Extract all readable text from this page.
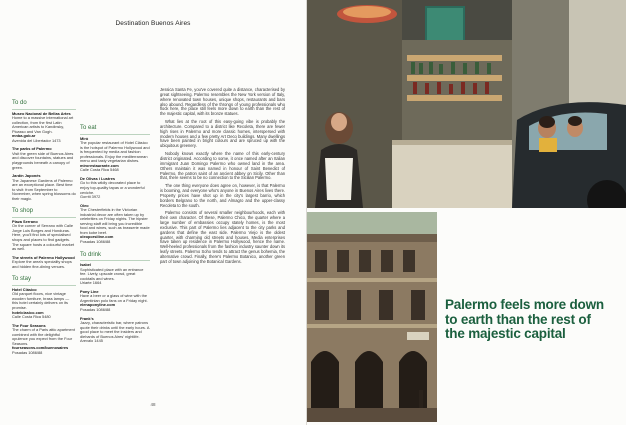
Destination Buenos Aires
To do
Museo Nacional de Bellas Artes

Home to a massive international art collection, from the first Latin American artists to Kandinsky, Picasso and Van Gogh.
mnba.gob.ar
Avenida del Libertador 1473
The parks of Palermo

Visit the green side of Buenos Aires and discover fountains, statues and playgrounds beneath a canopy of green.
Jardín Japonés

The Japanese Gardens of Palermo are an exceptional place. Best time to visit: from September to November, when spring blossoms do their magic.
To shop
Plaza Serrano

On the corner of Serrano with Calle Jorge Luis Borges and Honduras. Here, you'll find lots of specialised shops and places to find gadgets. The square hosts a colourful market as well.
The streets of Palermo Hollywood

Explore the area's speciality shops and hidden fine-dining venues.
To stay
Hotel Clásico

Old parquet floors, nice vintage wooden furniture, brass lamps — this hotel certainly delivers on its promise.
hotelclasico.com
Calle Costa Rica 5480
The Four Seasons

The charm of a Paris attic apartment combined with the delightful opulence you expect from the Four Seasons.
fourseasons.com/buenosaires
Posadas 1086/88
To eat
Mirò

The popular restaurant of Hotel Clásico is the hotspot of Palermo Hollywood and is frequented by media and fashion professionals. Enjoy the mediterranean menu and tasty vegetarian dishes.
mirorestaurante.com
Calle Costa Rica 5468
De Olivas i Lustres

Go to this wildly decorated place to enjoy top-quality tapas or a wonderful ceviche.
Gorriti 3972
Oleo

The Chesterfields in the Victorian industrial decor are often taken up by celebrities on Friday nights. The hipster serving staff will bring you incredible food and wines, such as brasserie made from kobe beef.
oleoporsiline.com
Posadas 1086/88
To drink
Isabel

Sophisticated place with an entrance fee. Lively, upscale crowd, great cocktails and wines.
Uriarte 1664
Pony Line

Have a beer or a glass of wine with the Argentinian polo fans on a Friday night.
elenaponyline.com
Posadas 1086/88
Frank's

Jazzy, characteristic bar, where patrons quote their drinks until the early hours. A good place to meet the insiders and diehards of Buenos Aires' nightlife.
Arevalo 1445

Jessica Santa Fe, you've covered quite a distance, characterised by great sightseeing. Palermo resembles the New York version of Italy, where renovated town houses, unique shops, restaurants and bars also abound. Regardless of the throngs of young professionals who flock here, the place still feels more down to earth than the rest of the majestic capital, with its bronze statues.

What lies at the root of this easy-going vibe is probably the architecture. Compared to a district like Recoleta, there are fewer high rises in Palermo and more classic homes, interspersed with modern houses and a few pretty Art Deco buildings. Many dwellings have been painted in bright colours and are spruced up with the ubiquitous greenery.

Nobody knows exactly where the name of this early-century district originated. According to some, it once named after an Italian immigrant Juan Domingo Palermo who owned land in the area. Others maintain it was named in honour of Saint Benedict of Palermo, the patron saint of an ancient abbey on Sicily. Other than that, there seems to be no connection to the Sicilian Palermo.

The one thing everyone does agree on, however, is that Palermo is booming, and everyone who's anyone in Buenos Aires lives there. Property prices have shot up in the city's largest barrio, which borders Belgrano to the north, and Almagro and the upper-classy Recoleta to the south.

Palermo consists of several smaller neighbourhoods, each with their own character. Of these, Palermo Chico, the quarter where a large number of embassies occupy stately homes, is the most exclusive. This part of Palermo lies adjacent to the city parks and gardens that define the east side. Palermo Viejo is the oldest quarter, with charming old streets and houses. Media enterprises have taken up residence in Palermo Hollywood, hence the name. Well-heeled professionals from the fashion industry saunter down its leafy streets. Palermo Soho tends to attract the genus bohemia, the alternative crowd. Finally, there's Palermo Botanico, another green part of town adjoining the Botanical Gardens.

48
Palermo feels more down to earth than the rest of the majestic capital
